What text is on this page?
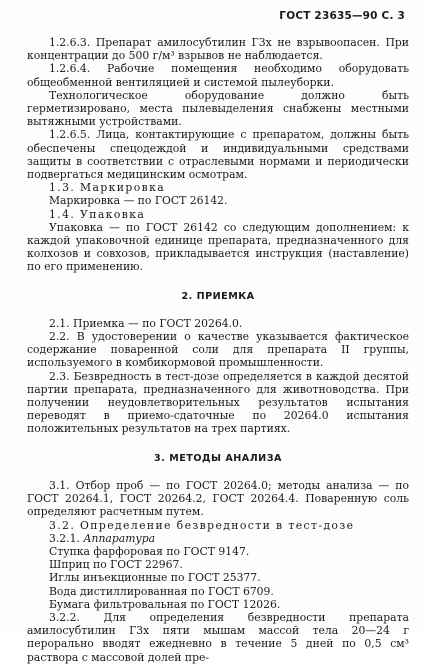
ГОСТ 23635—90 С. 3

1.2.6.3. Препарат амилосубтилин Г3х не взрывоопасен. При концентрации до 500 г/м³ взрывов не наблюдается.

1.2.6.4. Рабочие помещения необходимо оборудовать общеобменной вентиляцией и системой пылеуборки.

Технологическое оборудование должно быть герметизировано, места пылевыделения снабжены местными вытяжными устройствами.

1.2.6.5. Лица, контактирующие с препаратом, должны быть обеспечены спецодеждой и индивидуальными средствами защиты в соответствии с отраслевыми нормами и периодически подвергаться медицинским осмотрам.

1.3. Маркировка

Маркировка — по ГОСТ 26142.

1.4. Упаковка

Упаковка — по ГОСТ 26142 со следующим дополнением: к каждой упаковочной единице препарата, предназначенного для колхозов и совхозов, прикладывается инструкция (наставление) по его применению.

2. ПРИЕМКА

2.1. Приемка — по ГОСТ 20264.0.

2.2. В удостоверении о качестве указывается фактическое содержание поваренной соли для препарата II группы, используемого в комбикормовой промышленности.

2.3. Безвредность в тест-дозе определяется в каждой десятой партии препарата, предназначенного для животноводства. При получении неудовлетворительных результатов испытания переводят в приемо-сдаточные по 20264.0 испытания положительных результатов на трех партиях.

3. МЕТОДЫ АНАЛИЗА

3.1. Отбор проб — по ГОСТ 20264.0; методы анализа — по ГОСТ 20264.1, ГОСТ 20264.2, ГОСТ 20264.4. Поваренную соль определяют расчетным путем.

3.2. Определение безвредности в тест-дозе

3.2.1. Аппаратура

Ступка фарфоровая по ГОСТ 9147.

Шприц по ГОСТ 22967.

Иглы инъекционные по ГОСТ 25377.

Вода дистиллированная по ГОСТ 6709.

Бумага фильтровальная по ГОСТ 12026.

3.2.2. Для определения безвредности препарата амилосубтилин Г3х пяти мышам массой тела 20—24 г перорально вводят ежедневно в течение 5 дней по 0,5 см³ раствора с массовой долей пре-
